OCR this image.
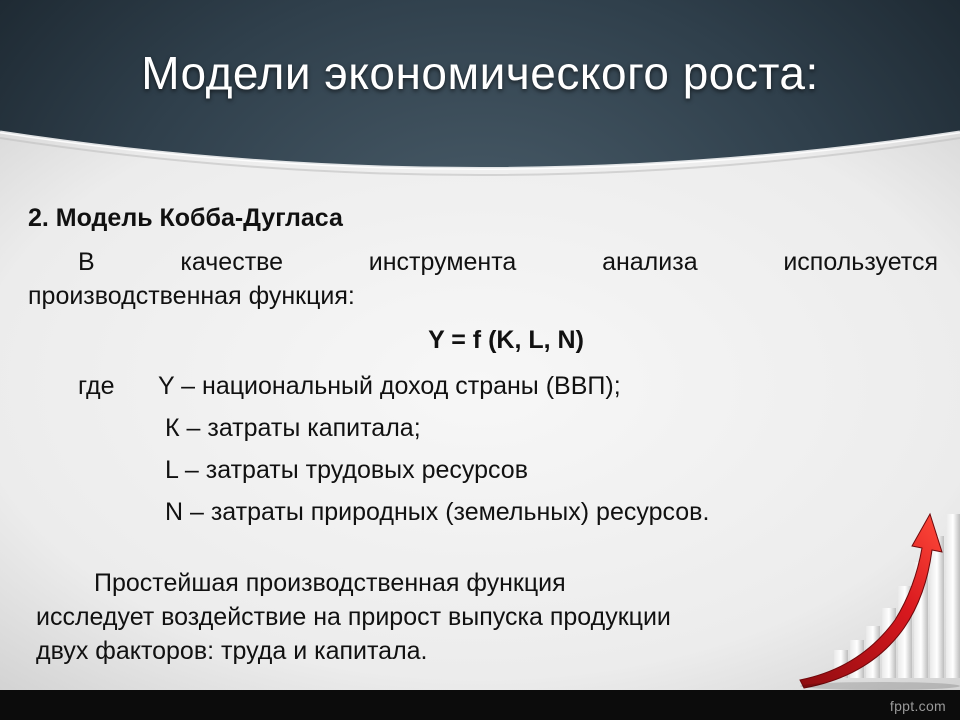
Модели экономического роста:

2. Модель Кобба-Дугласа

В	качестве	инструмента	анализа	используется
производственная функция:

Y = f (K, L, N)

где Y – национальный доход страны (ВВП);
К – затраты капитала;
L – затраты трудовых ресурсов
N – затраты природных (земельных) ресурсов.
Простейшая производственная функция
исследует воздействие на прирост выпуска продукции
двух факторов: труда и капитала.
fppt.com
